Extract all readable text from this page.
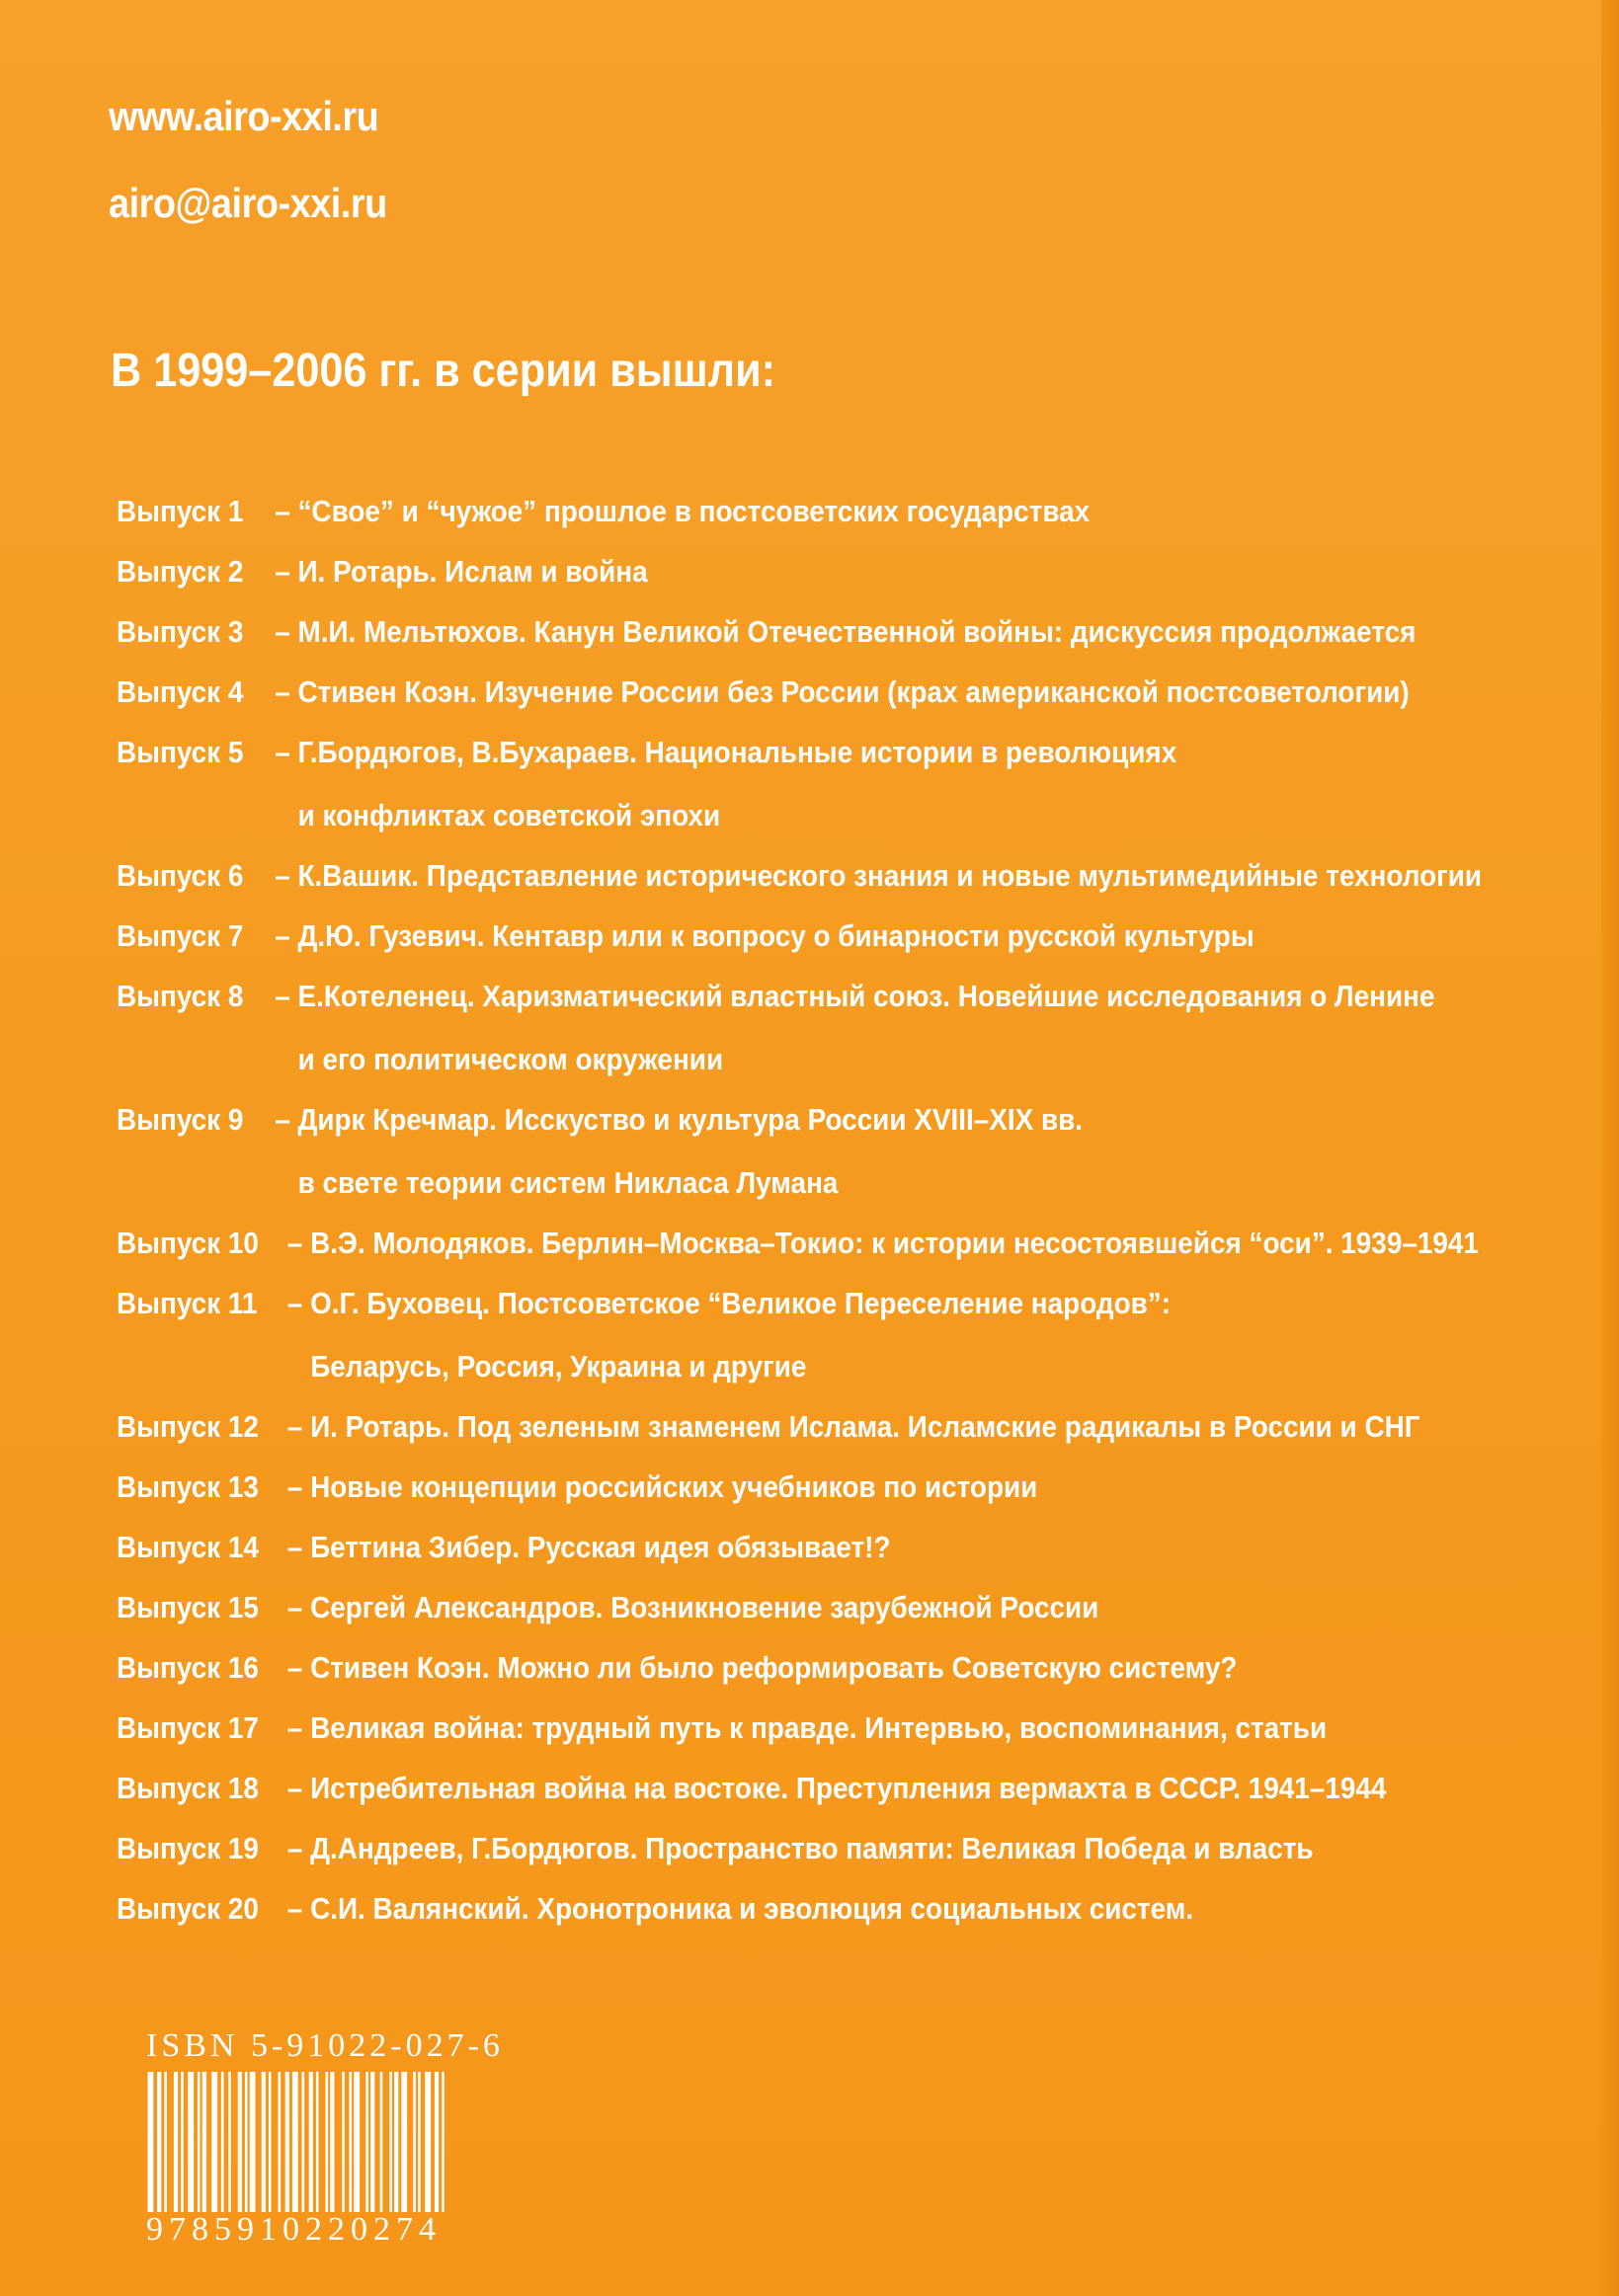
www.airo-xxi.ru
airo@airo-xxi.ru
В 1999–2006 гг. в серии вышли:
Выпуск 1	– “Свое” и “чужое” прошлое в постсоветских государствах
Выпуск 2	– И. Ротарь. Ислам и война
Выпуск 3	– М.И. Мельтюхов. Канун Великой Отечественной войны: дискуссия продолжается
Выпуск 4	– Стивен Коэн. Изучение России без России (крах американской постсоветологии)
Выпуск 5	– Г.Бордюгов, В.Бухараев. Национальные истории в революциях
и конфликтах советской эпохи
Выпуск 6	– К.Вашик. Представление исторического знания и новые мультимедийные технологии
Выпуск 7	– Д.Ю. Гузевич. Кентавр или к вопросу о бинарности русской культуры
Выпуск 8	– Е.Котеленец. Харизматический властный союз. Новейшие исследования о Ленине
и его политическом окружении
Выпуск 9	– Дирк Кречмар. Исскуство и культура России XVIII–XIX вв.
в свете теории систем Никласа Лумана
Выпуск 10 – В.Э. Молодяков. Берлин–Москва–Токио: к истории несостоявшейся “оси”. 1939–1941
Выпуск 11 – О.Г. Буховец. Постсоветское “Великое Переселение народов”:
Беларусь, Россия, Украина и другие
Выпуск 12 – И. Ротарь. Под зеленым знаменем Ислама. Исламские радикалы в России и СНГ
Выпуск 13 – Новые концепции российских учебников по истории
Выпуск 14 – Беттина Зибер. Русская идея обязывает!?
Выпуск 15 – Сергей Александров. Возникновение зарубежной России
Выпуск 16 – Стивен Коэн. Можно ли было реформировать Советскую систему?
Выпуск 17 – Великая война: трудный путь к правде. Интервью, воспоминания, статьи
Выпуск 18 – Истребительная война на востоке. Преступления вермахта в СССР. 1941–1944
Выпуск 19 – Д.Андреев, Г.Бордюгов. Пространство памяти: Великая Победа и власть
Выпуск 20 – С.И. Валянский. Хронотроника и эволюция социальных систем.
ISBN 5-91022-027-6
9785910220274
